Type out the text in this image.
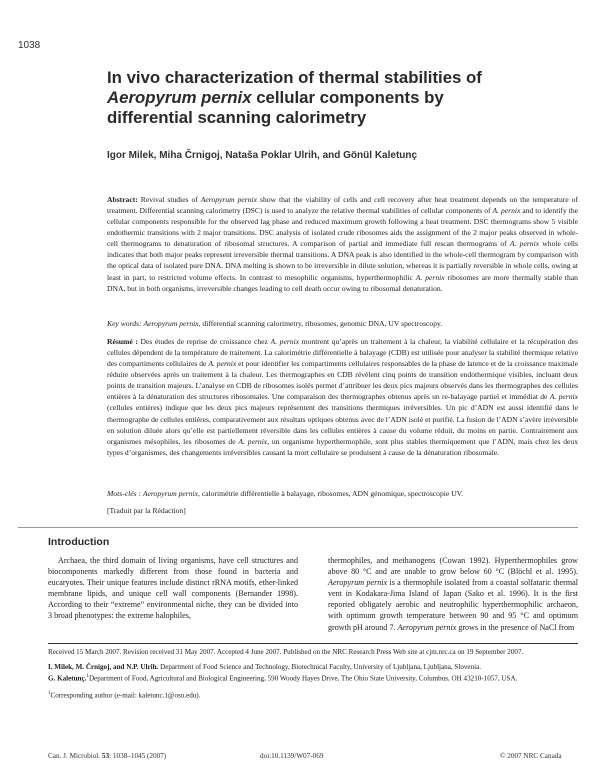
1038
In vivo characterization of thermal stabilities of
Aeropyrum pernix cellular components by
differential scanning calorimetry
Igor Milek, Miha Črnigoj, Nataša Poklar Ulrih, and Gönül Kaletunç

Abstract: Revival studies of Aeropyrum pernix show that the viability of cells and cell recovery after heat treatment depends on the temperature of treatment. Differential scanning calorimetry (DSC) is used to analyze the relative thermal stabilities of cellular components of A. pernix and to identify the cellular components responsible for the observed lag phase and reduced maximum growth following a heat treatment. DSC thermograms show 5 visible endothermic transitions with 2 major transitions. DSC analysis of isolated crude ribosomes aids the assignment of the 2 major peaks observed in whole-cell thermograms to denaturation of ribosomal structures. A comparison of partial and immediate full rescan thermograms of A. pernix whole cells indicates that both major peaks represent irreversible thermal transitions. A DNA peak is also identified in the whole-cell thermogram by comparison with the optical data of isolated pure DNA. DNA melting is shown to be irreversible in dilute solution, whereas it is partially reversible in whole cells, owing at least in part, to restricted volume effects. In contrast to mesophilic organisms, hyperthermophilic A. pernix ribosomes are more thermally stable than DNA, but in both organisms, irreversible changes leading to cell death occur owing to ribosomal denaturation.

Key words: Aeropyrum pernix, differential scanning calorimetry, ribosomes, genomic DNA, UV spectroscopy.

Résumé : Des études de reprise de croissance chez A. pernix montrent qu’après un traitement à la chaleur, la viabilité cellulaire et la récupération des cellules dépendent de la température de traitement. La calorimétrie différentielle à balayage (CDB) est utilisée pour analyser la stabilité thermique relative des compartiments cellulaires de A. pernix et pour identifier les compartiments cellulaires responsables de la phase de latence et de la croissance maximale réduite observées après un traitement à la chaleur. Les thermographes en CDB révèlent cinq points de transition endothermique visibles, incluant deux points de transition majeurs. L’analyse en CDB de ribosomes isolés permet d’attribuer les deux pics majeurs observés dans les thermographes des cellules entières à la dénaturation des structures ribosomales. Une comparaison des thermographes obtenus après un re-balayage partiel et immédiat de A. pernix (cellules entières) indique que les deux pics majeurs représentent des transitions thermiques irréversibles. Un pic d’ADN est aussi identifié dans le thermographe de cellules entières, comparativement aux résultats optiques obtenus avec de l’ADN isolé et purifié. La fusion de l’ADN s’avère irréversible en solution diluée alors qu’elle est partiellement réversible dans les cellules entières à cause du volume réduit, du moins en partie. Contrairement aux organismes mésophiles, les ribosomes de A. pernix, un organisme hyperthermophile, sont plus stables thermiquement que l’ADN, mais chez les deux types d’organismes, des changements irréversibles causant la mort cellulaire se produisent à cause de la dénaturation ribosomale.

Mots-clés : Aeropyrum pernix, calorimétrie différentielle à balayage, ribosomes, ADN génomique, spectroscopie UV.

[Traduit par la Rédaction]

Introduction

Archaea, the third domain of living organisms, have cell structures and biocomponents markedly different from those found in bacteria and eucaryotes. Their unique features include distinct rRNA motifs, ether-linked membrane lipids, and unique cell wall components (Bernander 1998). According to their “extreme” environmental niche, they can be divided into 3 broad phenotypes: the extreme halophiles,

thermophiles, and methanogens (Cowan 1992). Hyperthermophiles grow above 80 °C and are unable to grow below 60 °C (Blöchl et al. 1995). Aeropyrum pernix is a thermophile isolated from a coastal solfataric thermal vent in Kodakara-Jima Island of Japan (Sako et al. 1996). It is the first reported obligately aerobic and neutrophilic hyperthermophilic archaeon, with optimum growth temperature between 90 and 95 °C and optimum growth pH around 7. Aeropyrum pernix grows in the presence of NaCl from

Received 15 March 2007. Revision received 31 May 2007. Accepted 4 June 2007. Published on the NRC Research Press Web site at cjm.nrc.ca on 19 September 2007.

I. Milek, M. Črnigoj, and N.P. Ulrih. Department of Food Science and Technology, Biotechnical Faculty, University of Ljubljana, Ljubljana, Slovenia.

G. Kaletunç.$^1$Department of Food, Agricultural and Biological Engineering, 590 Woody Hayes Drive, The Ohio State University, Columbus, OH 43210-1057, USA.

$^1$Corresponding author (e-mail: kaletunc.1@osu.edu).

Can. J. Microbiol. 53: 1038–1045 (2007)	doi:10.1139/W07-069	© 2007 NRC Canada
